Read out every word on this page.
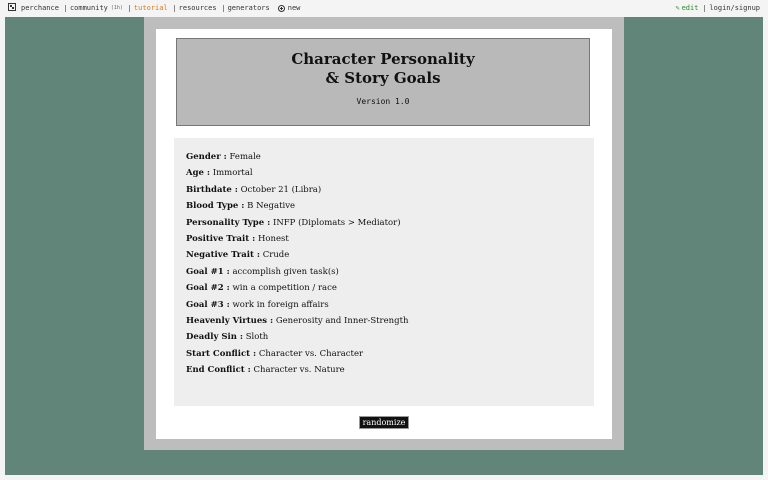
perchance community (1h) tutorial resources generators	new	✎ edit login/signup
Character Personality
& Story Goals
Version 1.0
Gender : Female
Age : Immortal
Birthdate : October 21 (Libra)
Blood Type : B Negative
Personality Type : INFP (Diplomats > Mediator)
Positive Trait : Honest
Negative Trait : Crude
Goal #1 : accomplish given task(s)
Goal #2 : win a competition / race
Goal #3 : work in foreign affairs
Heavenly Virtues : Generosity and Inner-Strength
Deadly Sin : Sloth
Start Conflict : Character vs. Character
End Conflict : Character vs. Nature
randomize
